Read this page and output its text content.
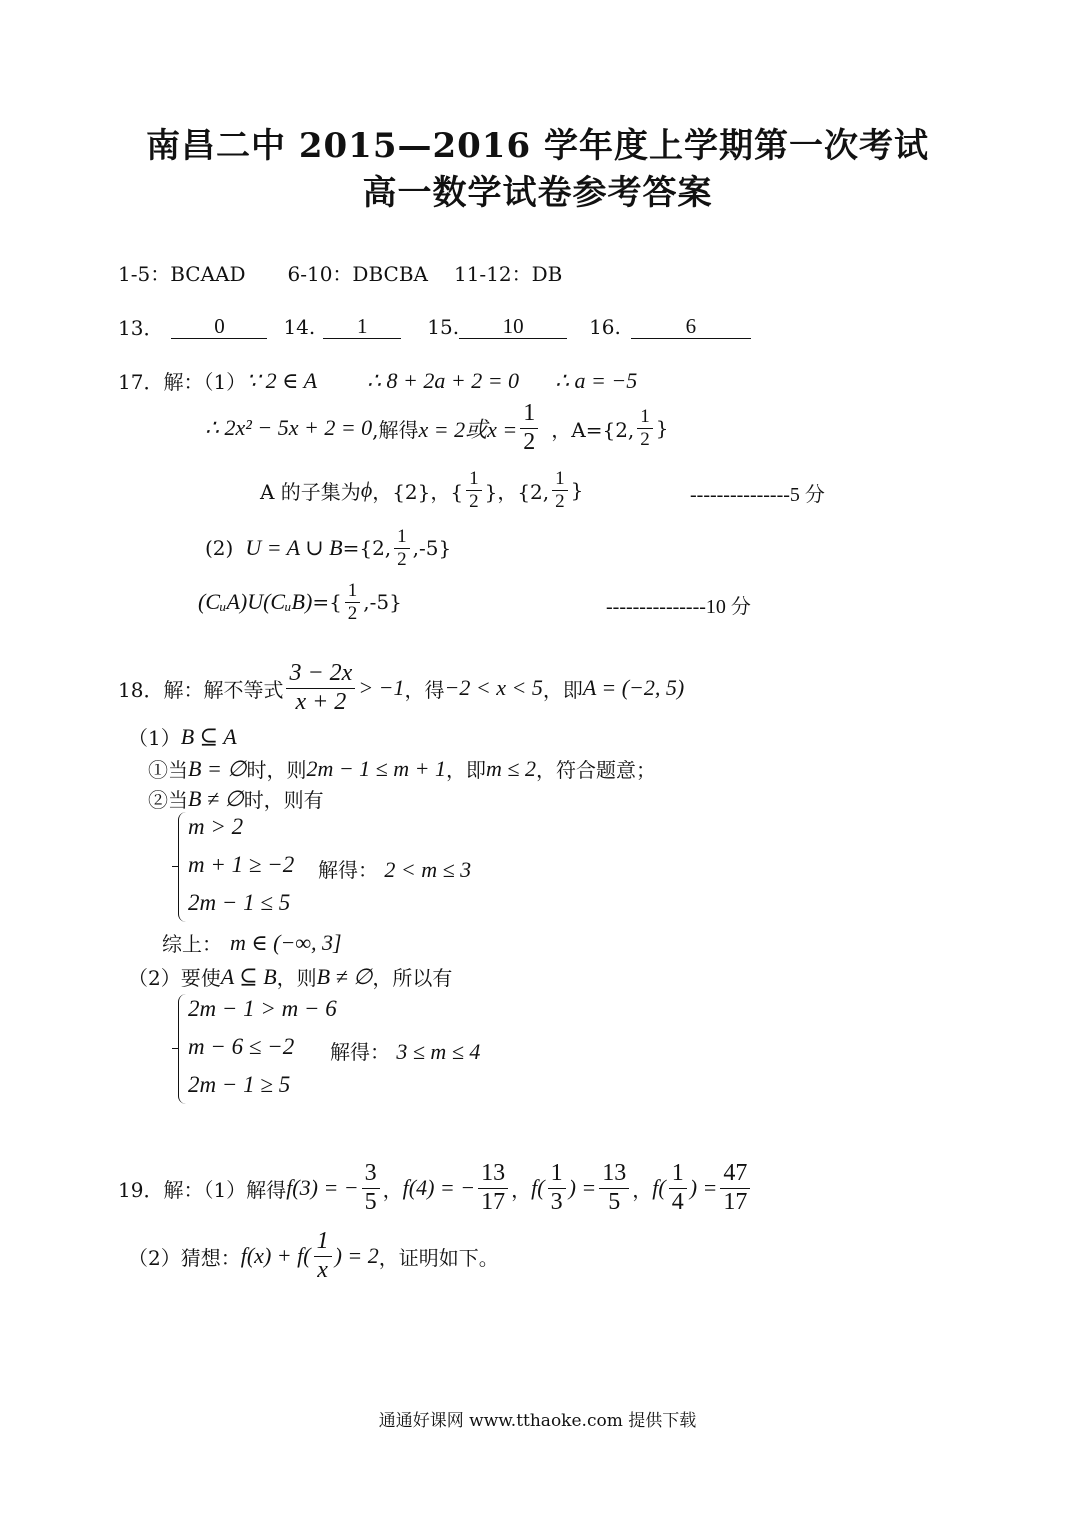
南昌二中 2015—2016 学年度上学期第一次考试
高一数学试卷参考答案
1-5：BCAAD 6-10：DBCBA 11-12：DB
13．	0	14.	1	15.	10	16.	6
17．解：（1） ∵ 2 ∈ A ∴ 8 + 2a + 2 = 0 ∴ a = −5
∴ 2x² − 5x + 2 = 0 ,解得 x = 2或$x = \frac{1}{2}$ ，A={2, $\frac{1}{2}$ }
A 的子集为 ϕ ，{2}，{ $\frac{1}{2}$ }，{2, $\frac{1}{2}$ }	---------------5 分
(2) U = A ∪ B ={2, $\frac{1}{2} ,-5$}
(CᵤA)U(CᵤB) ={ $\frac{1}{2} ,-5$}	---------------10 分
18．解：解不等式 $\frac{3 - 2x}{x + 2} > -1$ ，得 −2 < x < 5 ，即 A = (−2, 5)
（1） B ⊆ A
①当 B = ∅ 时，则 2m − 1 ≤ m + 1 ，即 m ≤ 2 ，符合题意；
②当 B ≠ ∅ 时，则有
m > 2
m + 1 ≥ −2
2m − 1 ≤ 5
解得： 2 < m ≤ 3
综上： m ∈ (−∞, 3]
（2）要使 A ⊆ B ，则 B ≠ ∅ ，所以有
2m − 1 > m − 6
m − 6 ≤ −2
2m − 1 ≥ 5
解得： 3 ≤ m ≤ 4
19．解：（1）解得 f(3) = − $\frac{3}{5}$ ， f(4) = − $\frac{13}{17}$ ， $f( \frac{1}{3}$ ) = $\frac{13}{5}$ ， $f( \frac{1}{4}$ ) = $\frac{47}{17}$
（2）猜想： $f(x) + f( \frac{1}{x}$ ) = 2 ，证明如下。
通通好课网 www.tthaoke.com 提供下载
